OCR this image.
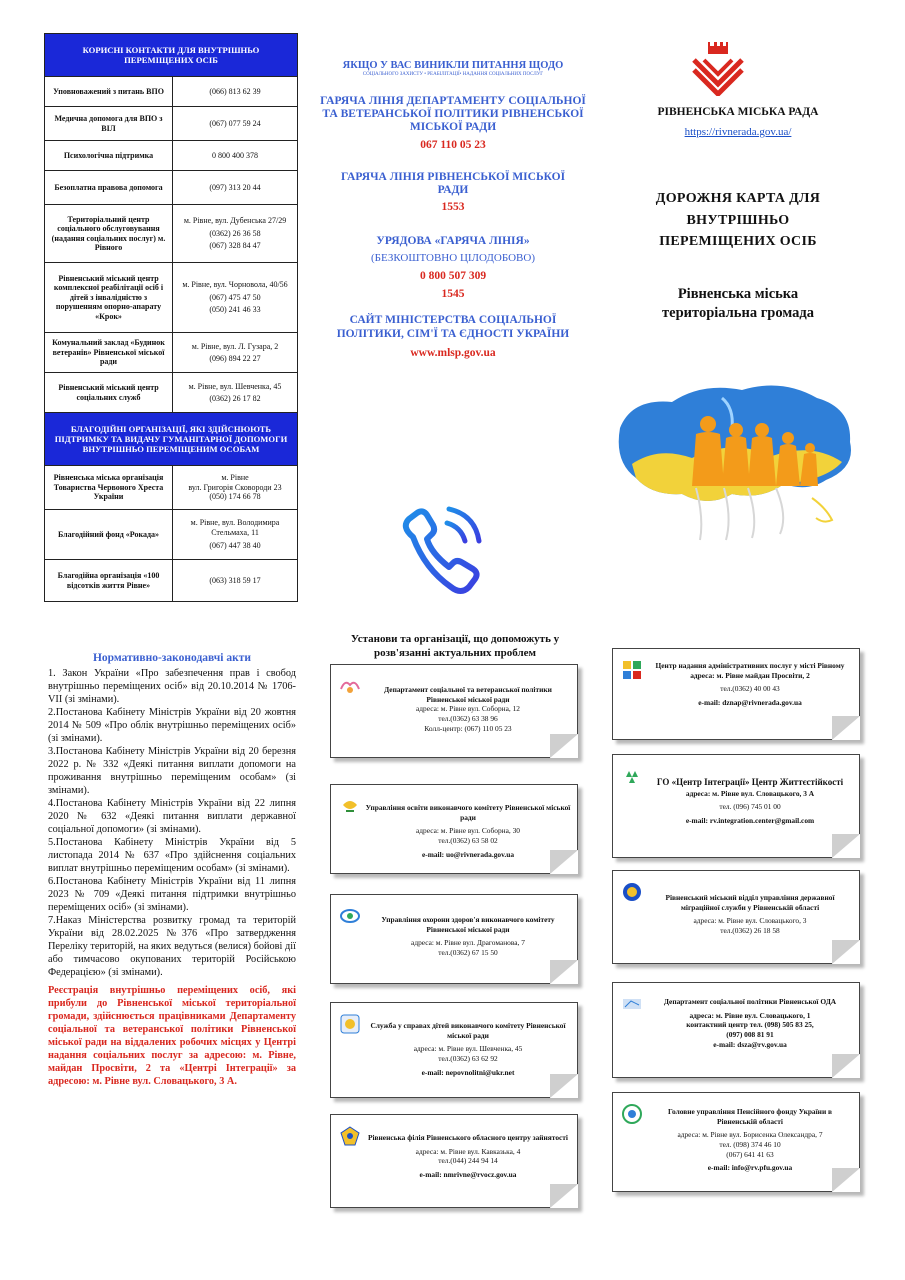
КОРИСНІ КОНТАКТИ ДЛЯ ВНУТРІШНЬО ПЕРЕМІЩЕНИХ ОСІБ	
Уповноважений з питань ВПО	(066) 813 62 39
Медична допомога для ВПО з ВІЛ	(067) 077 59 24
Психологічна підтримка	0 800 400 378
Безоплатна правова допомога	(097) 313 20 44
Територіальний центр соціального обслуговування (надання соціальних послуг) м. Рівного	м. Рівне, вул. Дубенська 27/29
(0362) 26 36 58
(067) 328 84 47

Рівненський міський центр комплексної реабілітації осіб і дітей з інвалідністю з порушенням опорно-апарату «Крок»	м. Рівне, вул. Чорновола, 40/56
(067) 475 47 50
(050) 241 46 33

Комунальний заклад «Будинок ветеранів» Рівненської міської ради	м. Рівне, вул. Л. Гузара, 2
(096) 894 22 27

Рівненський міський центр соціальних служб	м. Рівне, вул. Шевченка, 45
(0362) 26 17 82

БЛАГОДІЙНІ ОРГАНІЗАЦІЇ, ЯКІ ЗДІЙСНЮЮТЬ ПІДТРИМКУ ТА ВИДАЧУ ГУМАНІТАРНОЇ ДОПОМОГИ ВНУТРІШНЬО ПЕРЕМІЩЕНИМ ОСОБАМ	
Рівненська міська організація Товариства Червоного Хреста України	м. Рівне
вул. Григорія Сковороди 23
(050) 174 66 78

Благодійний фонд «Рокада»	м. Рівне, вул. Володимира Стельмаха, 11
(067) 447 38 40

Благодійна організація «100 відсотків життя Рівне»	(063) 318 59 17
ЯКЩО У ВАС ВИНИКЛИ ПИТАННЯ ЩОДО
СОЦІАЛЬНОГО ЗАХИСТУ • РЕАБІЛІТАЦІЇ• НАДАННЯ СОЦІАЛЬНИХ ПОСЛУГ
ГАРЯЧА ЛІНІЯ ДЕПАРТАМЕНТУ СОЦІАЛЬНОЇ ТА ВЕТЕРАНСЬКОЇ ПОЛІТИКИ РІВНЕНСЬКОЇ МІСЬКОЇ РАДИ
067 110 05 23
ГАРЯЧА ЛІНІЯ РІВНЕНСЬКОЇ МІСЬКОЇ РАДИ
1553
УРЯДОВА «ГАРЯЧА ЛІНІЯ»
(БЕЗКОШТОВНО ЦІЛОДОБОВО)
0 800 507 309
1545
САЙТ МІНІСТЕРСТВА СОЦІАЛЬНОЇ ПОЛІТИКИ, СІМ'Ї ТА ЄДНОСТІ УКРАЇНИ
www.mlsp.gov.ua
РІВНЕНСЬКА МІСЬКА РАДА
https://rivnerada.gov.ua/
ДОРОЖНЯ КАРТА ДЛЯ ВНУТРІШНЬО ПЕРЕМІЩЕНИХ ОСІБ
Рівненська міська територіальна громада
Нормативно-законодавчі акти

1. Закон України «Про забезпечення прав і свобод внутрішньо переміщених осіб» від 20.10.2014 № 1706-VII (зі змінами).

2.Постанова Кабінету Міністрів України від 20 жовтня 2014 № 509 «Про облік внутрішньо переміщених осіб» (зі змінами).

3.Постанова Кабінету Міністрів України від 20 березня 2022 р. № 332 «Деякі питання виплати допомоги на проживання внутрішньо переміщеним особам» (зі змінами).

4.Постанова Кабінету Міністрів України від 22 липня 2020 № 632 «Деякі питання виплати державної соціальної допомоги» (зі змінами).

5.Постанова Кабінету Міністрів України від 5 листопада 2014 № 637 «Про здійснення соціальних виплат внутрішньо переміщеним особам» (зі змінами).

6.Постанова Кабінету Міністрів України від 11 липня 2023 № 709 «Деякі питання підтримки внутрішньо переміщених осіб» (зі змінами).

7.Наказ Міністерства розвитку громад та територій України від 28.02.2025 №376 «Про затвердження Переліку територій, на яких ведуться (велися) бойові дії або тимчасово окупованих територій Російською Федерацією» (зі змінами).

Реєстрація внутрішньо переміщених осіб, які прибули до Рівненської міської територіальної громади, здійснюється працівниками Департаменту соціальної та ветеранської політики Рівненської міської ради на віддалених робочих місцях у Центрі надання соціальних послуг за адресою: м. Рівне, майдан Просвіти, 2 та «Центрі Інтеграції» за адресою: м. Рівне вул. Словацького, 3 А.

Установи та організації, що допоможуть у розв'язанні актуальних проблем
Департамент соціальної та ветеранської політики Рівненської міської ради
адреса: м. Рівне вул. Соборна, 12
тел.(0362) 63 38 96
Колл-центр: (067) 110 05 23
Управління освіти виконавчого комітету Рівненської міської ради
адреса: м. Рівне вул. Соборна, 30
тел.(0362) 63 58 02
e-mail: uo@rivnerada.gov.ua
Управління охорони здоров'я виконавчого комітету Рівненської міської ради
адреса: м. Рівне вул. Драгоманова, 7
тел.(0362) 67 15 50
Служба у справах дітей виконавчого комітету Рівненської міської ради
адреса: м. Рівне вул. Шевченка, 45
тел.(0362) 63 62 92
e-mail: nepovnolitni@ukr.net
Рівненська філія Рівненського обласного центру зайнятості
адреса: м. Рівне вул. Кавказька, 4
тел.(044) 244 94 14
e-mail: nmrivne@rvocz.gov.ua
Центр надання адміністративних послуг у місті Рівному
адреса: м. Рівне майдан Просвіти, 2
тел.(0362) 40 00 43
e-mail: dznap@rivnerada.gov.ua
ГО «Центр Інтеграції» Центр Життєстійкості
адреса: м. Рівне вул. Словацького, 3 А
тел. (096) 745 01 00
e-mail: rv.integration.center@gmail.com
Рівненський міський відділ управління державної міграційної служби у Рівненській області
адреса: м. Рівне вул. Словацького, 3
тел.(0362) 26 18 58
Департамент соціальної політики Рівненської ОДА
адреса: м. Рівне вул. Словацького, 1
контактний центр тел. (098) 505 83 25,
(097) 008 81 91
e-mail: dsza@rv.gov.ua
Головне управління Пенсійного фонду України в Рівненській області
адреса: м. Рівне вул. Борисенка Олександра, 7
тел. (098) 374 46 10
(067) 641 41 63
e-mail: info@rv.pfu.gov.ua
